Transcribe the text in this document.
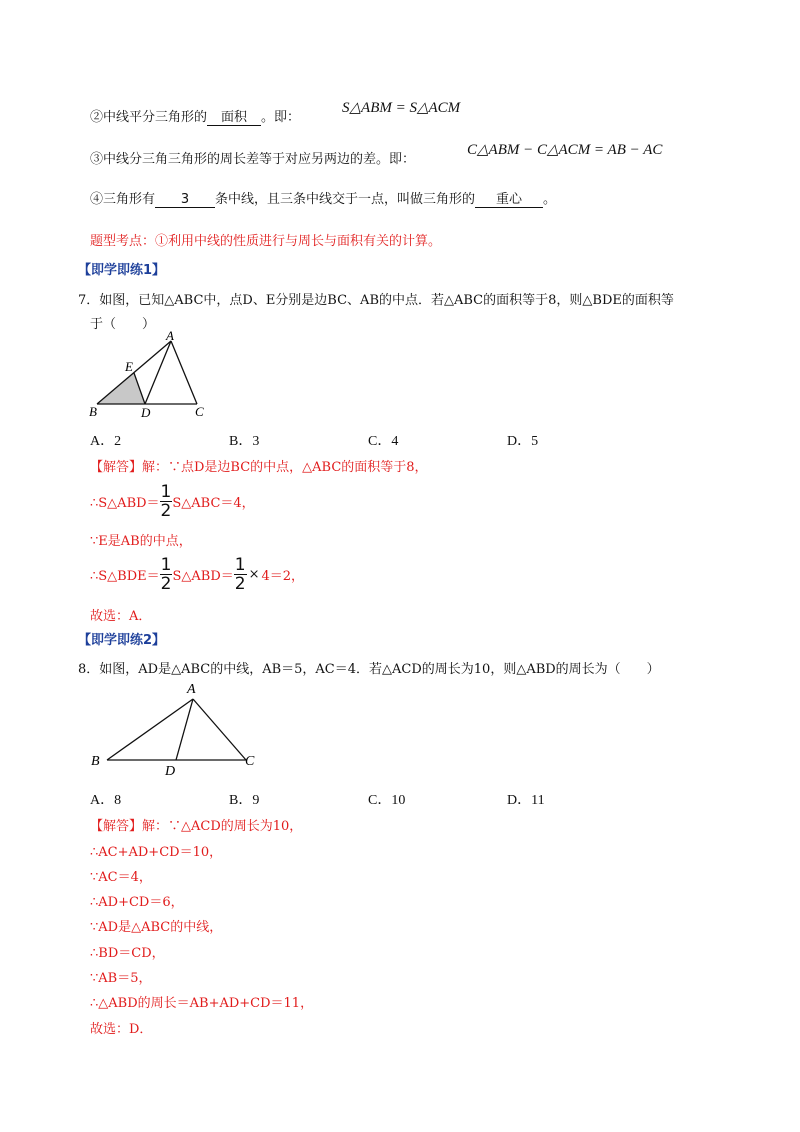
②中线平分三角形的 面积 。即：
S△ABM = S△ACM
③中线分三角三角形的周长差等于对应另两边的差。即：
C△ABM − C△ACM = AB − AC
④三角形有 3 条中线，且三条中线交于一点，叫做三角形的 重心 。
题型考点：①利用中线的性质进行与周长与面积有关的计算。
【即学即练1】
7．如图，已知△ABC中，点D、E分别是边BC、AB的中点．若△ABC的面积等于8，则△BDE的面积等
于（　　）
A
E
B	D	C
A．2	B．3	C．4	D．5
【解答】解：∵点D是边BC的中点，△ABC的面积等于8，
∴S△ABD＝ $\frac{1}{2}$ S△ABC＝4，
∵E是AB的中点，
∴S△BDE＝ $\frac{1}{2}$ S△ABD＝ $\frac{1}{2} \times 4=2$，
故选：A．
【即学即练2】
8．如图，AD是△ABC的中线，AB＝5，AC＝4．若△ACD的周长为10，则△ABD的周长为（　　）
A
B
D
C
A．8	B．9	C．10	D．11
【解答】解：∵△ACD的周长为10，
∴AC+AD+CD＝10，
∵AC＝4，
∴AD+CD＝6，
∵AD是△ABC的中线，
∴BD＝CD，
∵AB＝5，
∴△ABD的周长＝AB+AD+CD＝11，
故选：D．
